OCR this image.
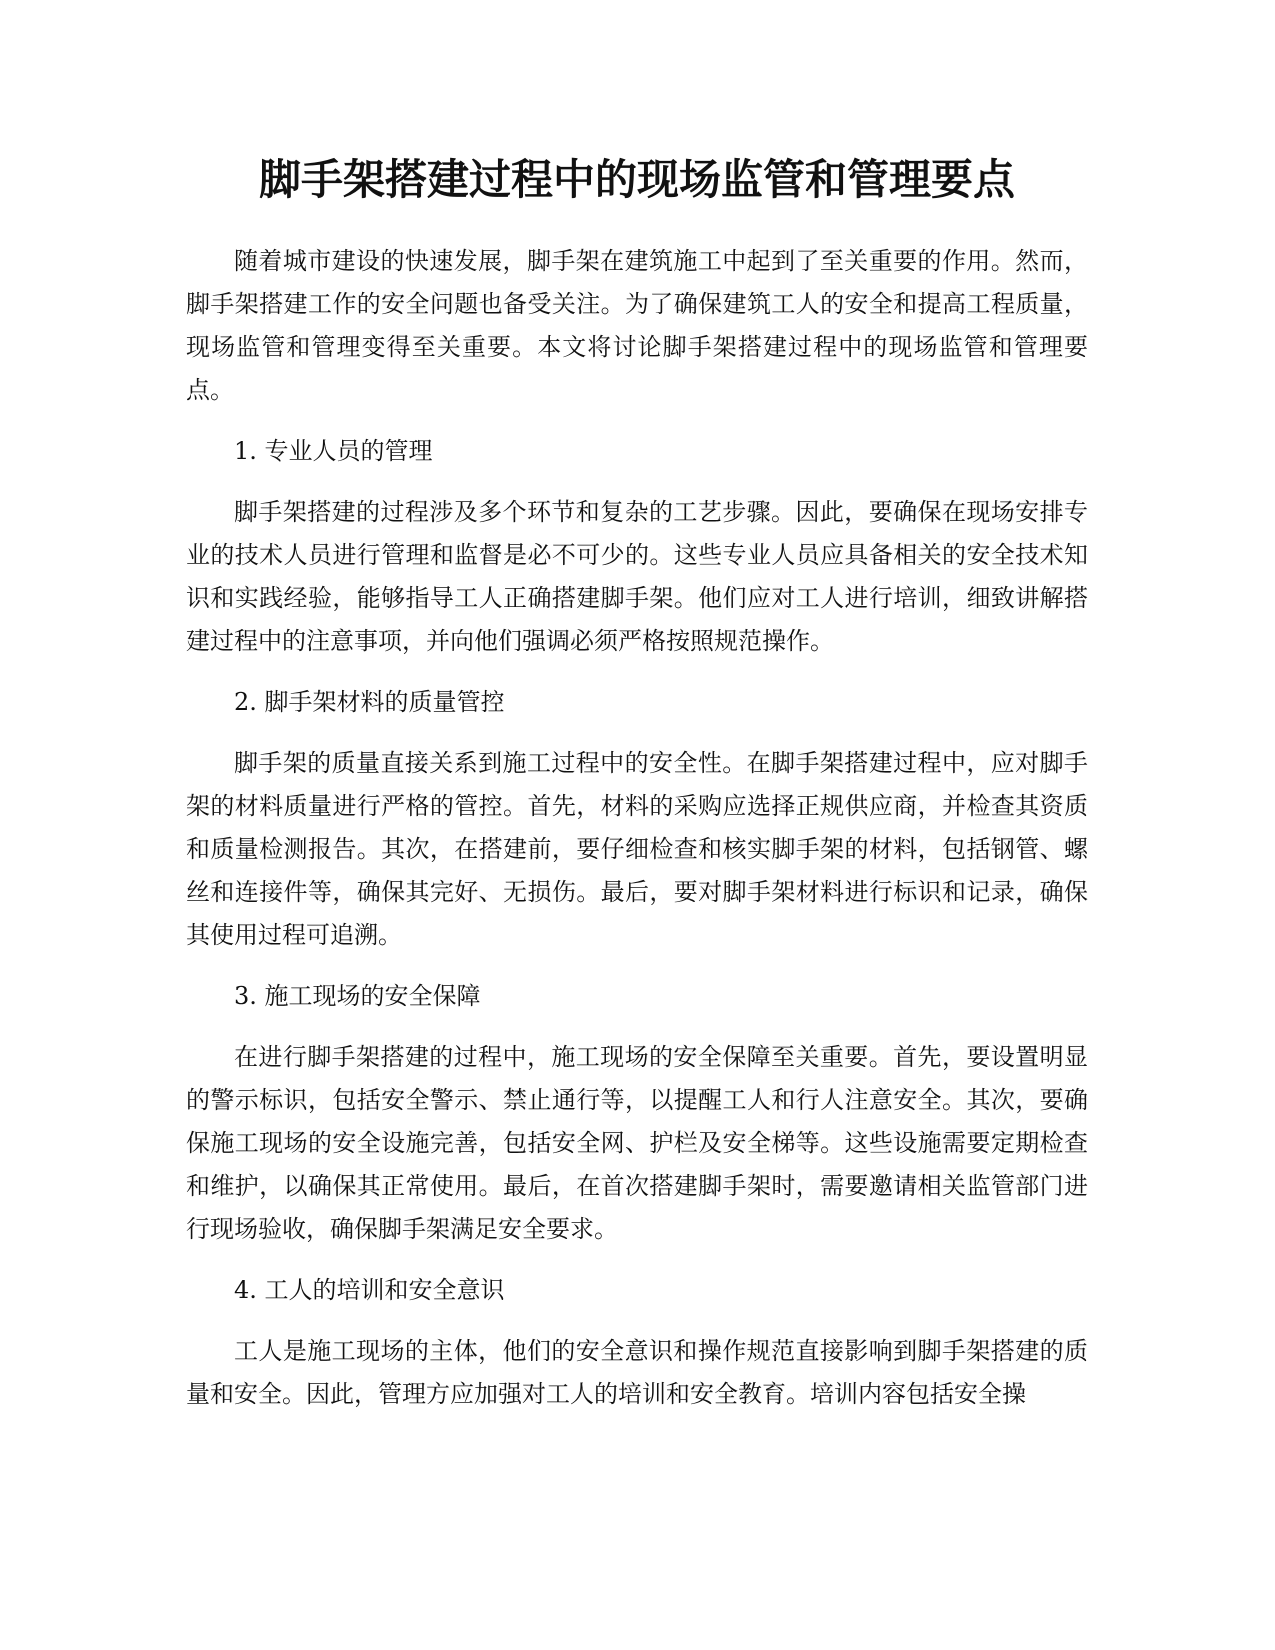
脚手架搭建过程中的现场监管和管理要点

随着城市建设的快速发展，脚手架在建筑施工中起到了至关重要的作用。然而，脚手架搭建工作的安全问题也备受关注。为了确保建筑工人的安全和提高工程质量，现场监管和管理变得至关重要。本文将讨论脚手架搭建过程中的现场监管和管理要点。

1. 专业人员的管理

脚手架搭建的过程涉及多个环节和复杂的工艺步骤。因此，要确保在现场安排专业的技术人员进行管理和监督是必不可少的。这些专业人员应具备相关的安全技术知识和实践经验，能够指导工人正确搭建脚手架。他们应对工人进行培训，细致讲解搭建过程中的注意事项，并向他们强调必须严格按照规范操作。

2. 脚手架材料的质量管控

脚手架的质量直接关系到施工过程中的安全性。在脚手架搭建过程中，应对脚手架的材料质量进行严格的管控。首先，材料的采购应选择正规供应商，并检查其资质和质量检测报告。其次，在搭建前，要仔细检查和核实脚手架的材料，包括钢管、螺丝和连接件等，确保其完好、无损伤。最后，要对脚手架材料进行标识和记录，确保其使用过程可追溯。

3. 施工现场的安全保障

在进行脚手架搭建的过程中，施工现场的安全保障至关重要。首先，要设置明显的警示标识，包括安全警示、禁止通行等，以提醒工人和行人注意安全。其次，要确保施工现场的安全设施完善，包括安全网、护栏及安全梯等。这些设施需要定期检查和维护，以确保其正常使用。最后，在首次搭建脚手架时，需要邀请相关监管部门进行现场验收，确保脚手架满足安全要求。

4. 工人的培训和安全意识

工人是施工现场的主体，他们的安全意识和操作规范直接影响到脚手架搭建的质量和安全。因此，管理方应加强对工人的培训和安全教育。培训内容包括安全操
